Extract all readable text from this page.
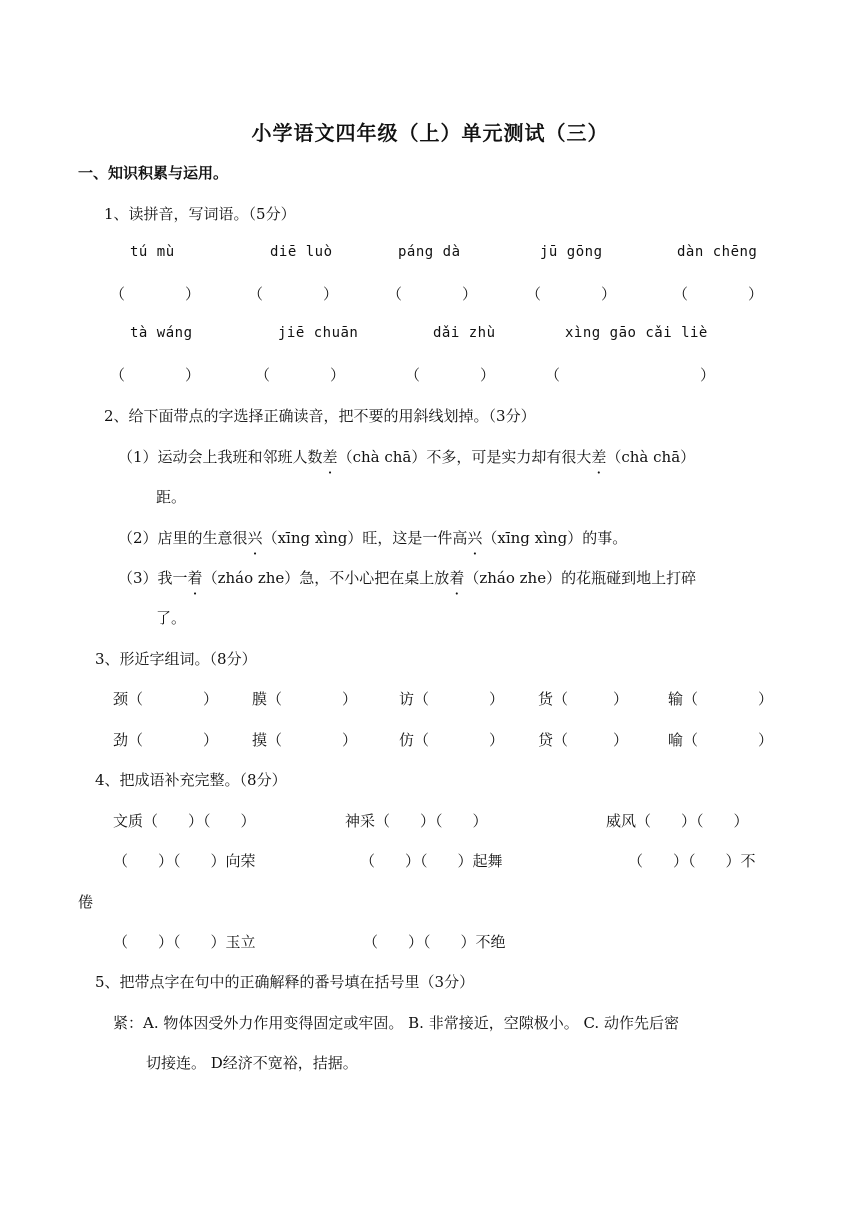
小学语文四年级（上）单元测试（三）
一、知识积累与运用。
1、读拼音，写词语。（5分）
tú mù	diē luò	páng dà	jū gōng	dàn chēng
（　　　　）	（　　　　）	（　　　　）	（　　　　）	（　　　　）
tà wáng	jiē chuān	dǎi zhù	xìng gāo cǎi liè
（　　　　）	（　　　　）	（　　　　）	（　　　　）
2、给下面带点的字选择正确读音，把不要的用斜线划掉。（3分）
（1）运动会上我班和邻班人数差（chà chā）不多，可是实力却有很大差（chà chā）
距。
（2）店里的生意很兴（xīng xìng）旺，这是一件高兴（xīng xìng）的事。
（3）我一着（zháo zhe）急，不小心把在桌上放着（zháo zhe）的花瓶碰到地上打碎
了。
3、形近字组词。（8分）
颈（　　　　） 膜（　　　　）	访（　　　　） 货（　　　）	输（　　　　）
劲（　　　　） 摸（　　　　）	仿（　　　　） 贷（　　　）	喻（　　　　）
4、把成语补充完整。（8分）
文质（　　）（　　）	神采（　　）（　　）	威风（　　）（　　）
（　　）（　　）向荣	（　　）（　　）起舞	（　　）（　　）不
倦
（　　）（　　）玉立	（　　）（　　）不绝
5、把带点字在句中的正确解释的番号填在括号里（3分）
紧：A. 物体因受外力作用变得固定或牢固。 B. 非常接近，空隙极小。 C. 动作先后密
切接连。 D经济不宽裕，拮据。
